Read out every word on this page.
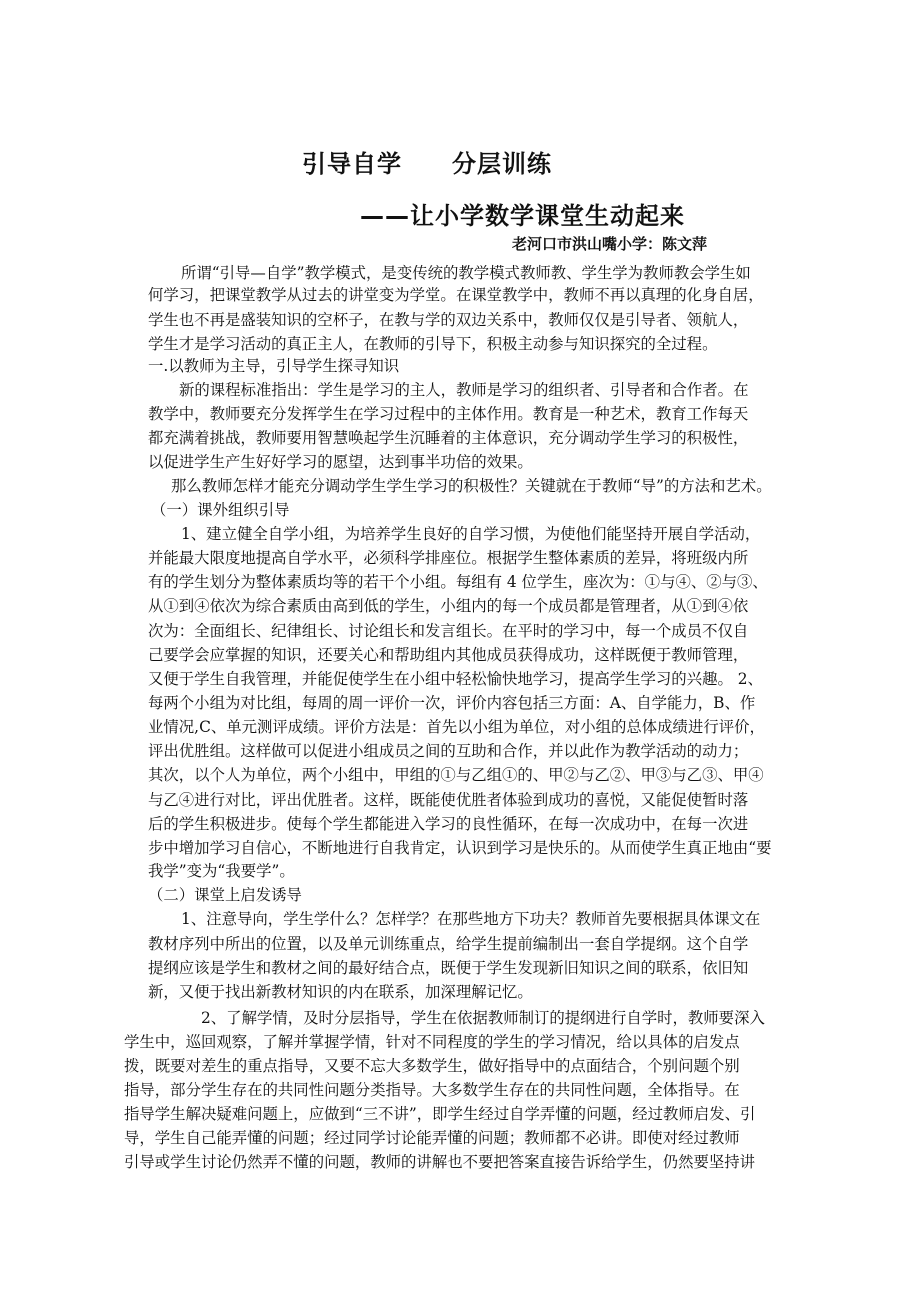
引导自学　　分层训练
——让小学数学课堂生动起来
老河口市洪山嘴小学：陈文萍
所谓“引导—自学”教学模式，是变传统的教学模式教师教、学生学为教师教会学生如
何学习，把课堂教学从过去的讲堂变为学堂。在课堂教学中，教师不再以真理的化身自居，
学生也不再是盛装知识的空杯子，在教与学的双边关系中，教师仅仅是引导者、领航人，
学生才是学习活动的真正主人，在教师的引导下，积极主动参与知识探究的全过程。
一.以教师为主导，引导学生探寻知识
新的课程标准指出：学生是学习的主人，教师是学习的组织者、引导者和合作者。在
教学中，教师要充分发挥学生在学习过程中的主体作用。教育是一种艺术，教育工作每天
都充满着挑战，教师要用智慧唤起学生沉睡着的主体意识，充分调动学生学习的积极性，
以促进学生产生好好学习的愿望，达到事半功倍的效果。
那么教师怎样才能充分调动学生学生学习的积极性？关键就在于教师“导”的方法和艺术。
（一）课外组织引导
1、建立健全自学小组，为培养学生良好的自学习惯，为使他们能坚持开展自学活动，
并能最大限度地提高自学水平，必须科学排座位。根据学生整体素质的差异，将班级内所
有的学生划分为整体素质均等的若干个小组。每组有 4 位学生，座次为：①与④、②与③、
从①到④依次为综合素质由高到低的学生，小组内的每一个成员都是管理者，从①到④依
次为：全面组长、纪律组长、讨论组长和发言组长。在平时的学习中，每一个成员不仅自
己要学会应掌握的知识，还要关心和帮助组内其他成员获得成功，这样既便于教师管理，
又便于学生自我管理，并能促使学生在小组中轻松愉快地学习，提高学生学习的兴趣。 2、
每两个小组为对比组，每周的周一评价一次，评价内容包括三方面：A、自学能力，B、作
业情况,C、单元测评成绩。评价方法是：首先以小组为单位，对小组的总体成绩进行评价，
评出优胜组。这样做可以促进小组成员之间的互助和合作，并以此作为教学活动的动力；
其次，以个人为单位，两个小组中，甲组的①与乙组①的、甲②与乙②、甲③与乙③、甲④
与乙④进行对比，评出优胜者。这样，既能使优胜者体验到成功的喜悦，又能促使暂时落
后的学生积极进步。使每个学生都能进入学习的良性循环，在每一次成功中，在每一次进
步中增加学习自信心，不断地进行自我肯定，认识到学习是快乐的。从而使学生真正地由“要
我学”变为“我要学”。
（二）课堂上启发诱导
1、注意导向，学生学什么？怎样学？在那些地方下功夫？教师首先要根据具体课文在
教材序列中所出的位置，以及单元训练重点，给学生提前编制出一套自学提纲。这个自学
提纲应该是学生和教材之间的最好结合点，既便于学生发现新旧知识之间的联系，依旧知
新，又便于找出新教材知识的内在联系，加深理解记忆。
2、了解学情，及时分层指导，学生在依据教师制订的提纲进行自学时，教师要深入
学生中，巡回观察，了解并掌握学情，针对不同程度的学生的学习情况，给以具体的启发点
拨，既要对差生的重点指导，又要不忘大多数学生，做好指导中的点面结合，个别问题个别
指导，部分学生存在的共同性问题分类指导。大多数学生存在的共同性问题，全体指导。在
指导学生解决疑难问题上，应做到“三不讲”，即学生经过自学弄懂的问题，经过教师启发、引
导，学生自己能弄懂的问题；经过同学讨论能弄懂的问题；教师都不必讲。即使对经过教师
引导或学生讨论仍然弄不懂的问题，教师的讲解也不要把答案直接告诉给学生，仍然要坚持讲
